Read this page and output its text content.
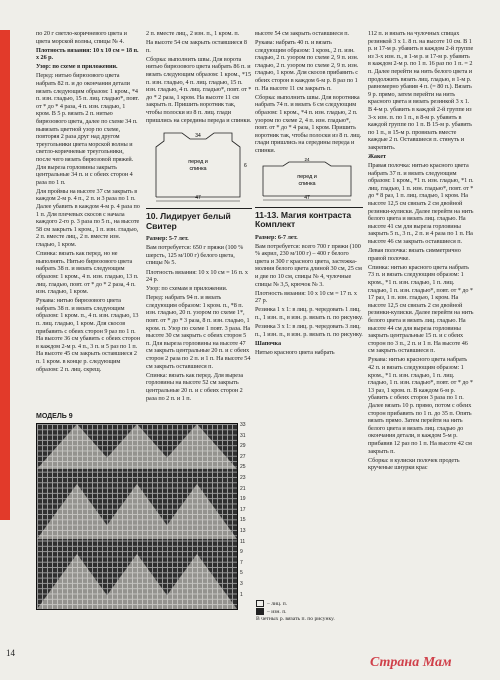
по 20 г светло-коричневого цвета и цвета морской волны, спицы № 4.

Плотность вязания: 10 х 10 см = 18 п. х 26 р.

Узор: по схеме в приложении.

Перед: нитью бирюзового цвета набрать 82 п. и до окончания детали вязать следующим образом: 1 кром., *4 п. изн. гладью, 15 п. лиц. гладью*, повт. от * до * 4 раза, 4 п. изн. гладью, 1 кром. В 5 р. вязать 2 п. нитью бирюзового цвета, далее по схеме 34 п. вывязать цветной узор по схеме, повторяя 2 раза друг над другом треугольники цвета морской волны и светло-коричневые треугольники, после чего вязать бирюзовой пряжей. Для выреза горловины закрыть центральные 34 п. и с обеих сторон 4 раза по 1 п.

Для проймы на высоте 37 см закрыть в каждом 2-м р. 4 п., 2 п. и 3 раза по 1 п. Далее убавить в каждом 4-м р. 4 раза по 1 п. Для плечевых скосов с начала каждого 2-го р. 3 раза по 5 п., на высоте 58 см закрыть 1 кром., 1 п. изн. гладью, 2 п. вместе лиц., 2 п. вместе изн. гладью, 1 кром.

Спинка: вязать как перед, но не выполнять. Нитью бирюзового цвета набрать 38 п. и вязать следующим образом: 1 кром., 4 п. изн. гладью, 13 п. лиц. гладью, повт. от * до * 2 раза, 4 п. изн. гладью, 1 кром.

Рукава: нитью бирюзового цвета набрать 38 п. и вязать следующим образом: 1 кром. п., 4 п. изн. гладью, 13 п. лиц. гладью, 1 кром. Для скосов прибавить с обеих сторон 9 раз по 1 п. На высоте 36 см убавить с обеих сторон в каждом 2-м р. 4 п., 3 п. и 5 раз по 1 п. На высоте 45 см закрыть оставшиеся 2 п. 1 кром. в конце р. следующим образом: 2 п. лиц. скрещ.

2 п. вместе лиц., 2 изн. п., 1 кром. п.

На высоте 54 см закрыть оставшиеся 8 п.

Сборка: выполнить швы. Для ворота нитью бирюзового цвета набрать 86 п. и вязать следующим образом: 1 кром., *15 п. изн. гладью, 4 п. лиц. гладью, 15 п. изн. гладью, 4 п. лиц. гладью*, повт. от * до * 2 раза, 1 кром. На высоте 11 см закрыть п. Пришить воротник так, чтобы полоски из 8 п. лиц. глади пришлись на середины переда и спинки.

перед и
спинка
47
34
6
10. Лидирует белый Свитер

Размер: 5-7 лет.

Вам потребуется: 650 г пряжи (100 % шерсть, 125 м/100 г) белого цвета, спицы № 5.

Плотность вязания: 10 х 10 см = 16 п. х 24 р.

Узор: по схемам в приложении.

Перед: набрать 94 п. и вязать следующим образом: 1 кром. п., *8 п. изн. гладью, 20 п. узором по схеме 1*, повт. от * до * 3 раза, 8 п. изн. гладью, 1 кром. п. Узор по схеме 1 повт. 3 раза. На высоте 30 см закрыть с обеих сторон 5 п. Для выреза горловины на высоте 47 см закрыть центральные 20 п. и с обеих сторон 2 раза по 2 п. и 1 п. На высоте 54 см закрыть оставшиеся п.

Спинка: вязать как перед. Для выреза горловины на высоте 52 см закрыть центральные 20 п. и с обеих сторон 2 раза по 2 п. и 1 п.

высоте 54 см закрыть оставшиеся п.

Рукава: набрать 40 п. и вязать следующим образом: 1 кром., 2 п. изн. гладью, 2 п. узором по схеме 2, 9 п. изн. гладью, 2 п. узором по схеме 2, 9 п. изн. гладью, 1 кром. Для скосов прибавить с обеих сторон в каждом 6-м р. 8 раз по 1 п. На высоте 11 см закрыть п.

Сборка: выполнить швы. Для воротника набрать 74 п. и вязать 6 см следующим образом: 1 кром., *4 п. изн. гладью, 2 п. узором по схеме 2, 4 п. изн. гладью*, повт. от * до * 4 раза, 1 кром. Пришить воротник так, чтобы полоски из 8 п. лиц. глади пришлись на середины переда и спинки.

перед и
спинка
47
24
11-13. Магия контраста Комплект

Размер: 6-7 лет.

Вам потребуется: всего 700 г пряжи (100 % акрил, 230 м/100 г) – 400 г белого цвета и 300 г красного цвета, застежка-молния белого цвета длиной 30 см, 25 см и две по 10 см, спицы № 4, чулочные спицы № 3,5, крючок № 3.

Плотность вязания: 10 х 10 см = 17 п. х 27 р.

Резинка 1 х 1: в лиц. р. чередовать 1 лиц. п., 1 изн. п., в изн. р. вязать п. по рисунку.

Резинка 3 х 1: в лиц. р. чередовать 3 лиц. п., 1 изн. п., в изн. р. вязать п. по рисунку.

Шапочка

Нитью красного цвета набрать

112 п. и вязать на чулочных спицах резинкой 3 х 1. 8 п. на высоте 10 см. В 1 р. и 17-м р. убавить в каждом 2-й группе из 3-х изн. п., в 1-м р. и 17-м р. убавить в каждом 2-м р. по 1 п. 16 раз по 1 п. = 2 п. Далее перейти на нить белого цвета и продолжить вязать лиц. гладью, в 1-м р. равномерно убавив 4 п. (= 80 п.). Вязать 9 р. прямо, затем перейти на нить красного цвета и вязать резинкой 3 х 1. В 4-м р. убавить в каждой 2-й группе из 3-х изн. п. по 1 п., в 8-м р. убавить в каждой группе по 1 п. В 15-м р. убавить по 1 п., в 15-м р. провязать вместе каждые 2 п. Оставшиеся п. стянуть и закрепить.

Жакет

Правая полочка: нитью красного цвета набрать 37 п. и вязать следующим образом: 1 кром., *1 п. изн. гладью, *1 п. лиц. гладью, 1 п. изн. гладью*, повт. от * до * 8 раз, 1 п. лиц. гладью, 1 кром. На высоте 12,5 см связать 2 см двойной резинки-кулиски. Далее перейти на нить белого цвета и вязать лиц. гладью. На высоте 41 см для выреза горловины закрыть 5 п., 3 п., 2 п. и 4 раза по 1 п. На высоте 46 см закрыть оставшиеся п.

Левая полочка: вязать симметрично правой полочке.

Спинка: нитью красного цвета набрать 73 п. и вязать следующим образом: 1 кром., *1 п. изн. гладью, 1 п. лиц. гладью, 1 п. изн. гладью*, повт. от * до * 17 раз, 1 п. изн. гладью, 1 кром. На высоте 12,5 см связать 2 см двойной резинки-кулиски. Далее перейти на нить белого цвета и вязать лиц. гладью. На высоте 44 см для выреза горловины закрыть центральные 15 п. и с обеих сторон по 3 п., 2 п. и 1 п. На высоте 46 см закрыть оставшиеся п.

Рукава: нитью красного цвета набрать 42 п. и вязать следующим образом: 1 кром., *1 п. изн. гладью, 1 п. лиц. гладью, 1 п. изн. гладью*, повт. от * до * 13 раз, 1 кром. п. В каждом 6-м р. убавить с обеих сторон 3 раза по 1 п. Далее вязать 10 р. прямо, потом с обеих сторон прибавить по 1 п. до 35 п. Опять вязать прямо. Затем перейти на нить белого цвета и вязать лиц. гладью до окончания детали, в каждом 5-м р. прибавив 12 раз по 1 п. На высоте 42 см закрыть п.

Сборка: в кулиски полочек продеть крученые шнурки крас

МОДЕЛЬ 9
33
31
29
27
25
23
21
19
17
15
13
11
9
7
5
3
1
– лиц. п.
– изн. п.
В четных р. вязать п. по рисунку.
14
Страна Мам
